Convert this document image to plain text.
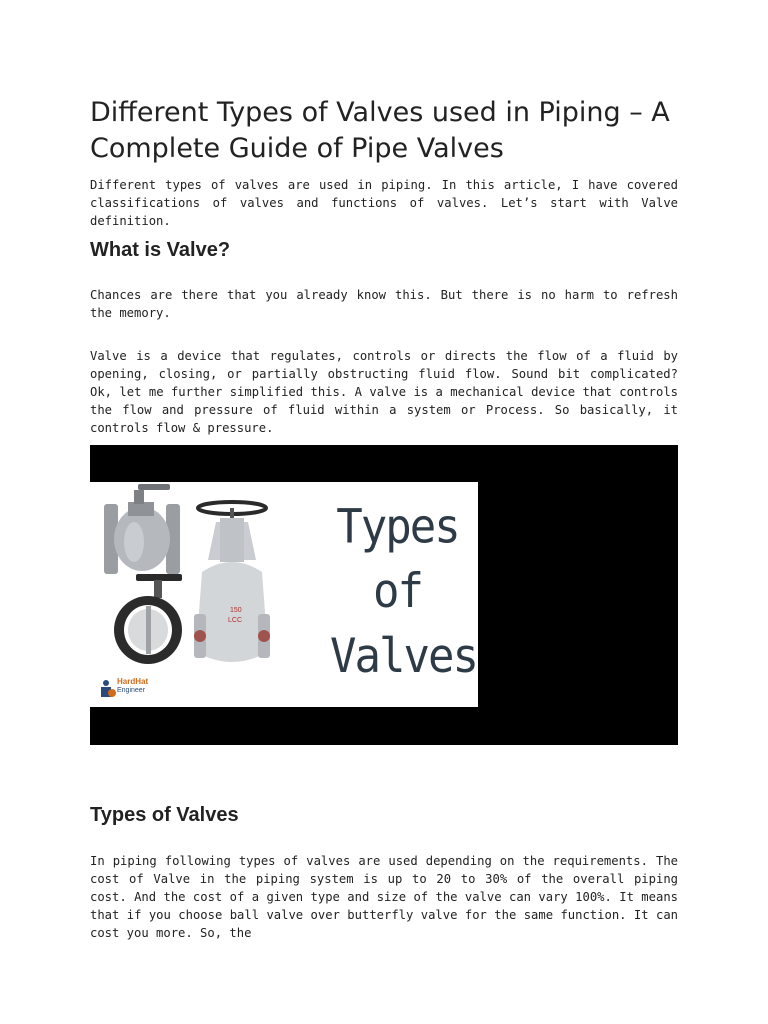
Different Types of Valves used in Piping – A Complete Guide of Pipe Valves

Different types of valves are used in piping. In this article, I have covered classifications of valves and functions of valves. Let’s start with Valve definition.

What is Valve?

Chances are there that you already know this. But there is no harm to refresh the memory.

Valve is a device that regulates, controls or directs the flow of a fluid by opening, closing, or partially obstructing fluid flow. Sound bit complicated? Ok, let me further simplified this. A valve is a mechanical device that controls the flow and pressure of fluid within a system or Process. So basically, it controls flow & pressure.

150
LCC
HardHat
Engineer
Types
of
Valves
Types of Valves

In piping following types of valves are used depending on the requirements. The cost of Valve in the piping system is up to 20 to 30% of the overall piping cost. And the cost of a given type and size of the valve can vary 100%. It means that if you choose ball valve over butterfly valve for the same function. It can cost you more. So, the
